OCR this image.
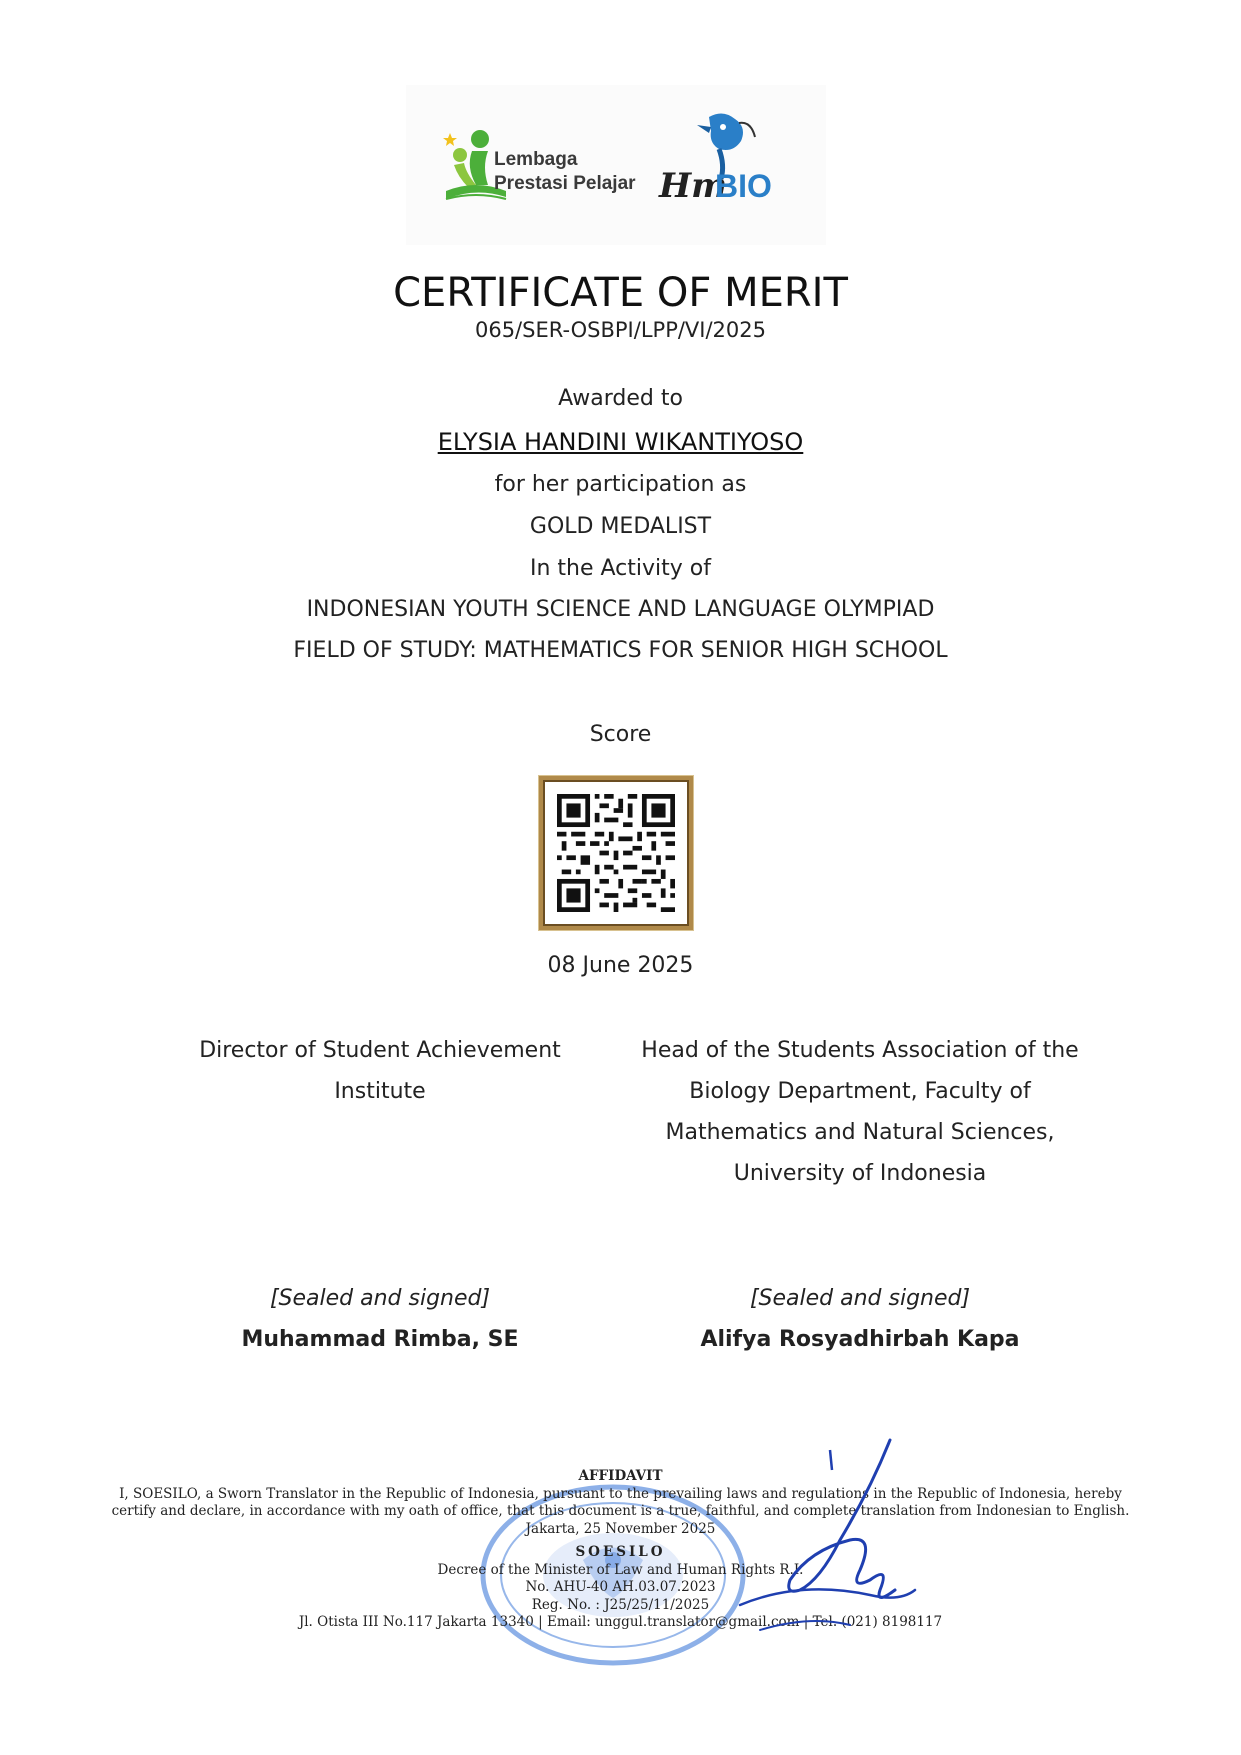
Lembaga
Prestasi Pelajar Hm
BIO
CERTIFICATE OF MERIT
065/SER-OSBPI/LPP/VI/2025
Awarded to
ELYSIA HANDINI WIKANTIYOSO
for her participation as
GOLD MEDALIST
In the Activity of
INDONESIAN YOUTH SCIENCE AND LANGUAGE OLYMPIAD
FIELD OF STUDY: MATHEMATICS FOR SENIOR HIGH SCHOOL
Score
08 June 2025
Director of Student Achievement
Institute
Head of the Students Association of the
Biology Department, Faculty of
Mathematics and Natural Sciences,
University of Indonesia
[Sealed and signed]	[Sealed and signed]
Muhammad Rimba, SE	Alifya Rosyadhirbah Kapa
AFFIDAVIT
I, SOESILO, a Sworn Translator in the Republic of Indonesia, pursuant to the prevailing laws and regulations in the Republic of Indonesia, hereby
certify and declare, in accordance with my oath of office, that this document is a true, faithful, and complete translation from Indonesian to English.
Jakarta, 25 November 2025
SOESILO
Decree of the Minister of Law and Human Rights R.I.
No. AHU-40 AH.03.07.2023
Reg. No. : J25/25/11/2025
Jl. Otista III No.117 Jakarta 13340 | Email: unggul.translator@gmail.com | Tel. (021) 8198117
